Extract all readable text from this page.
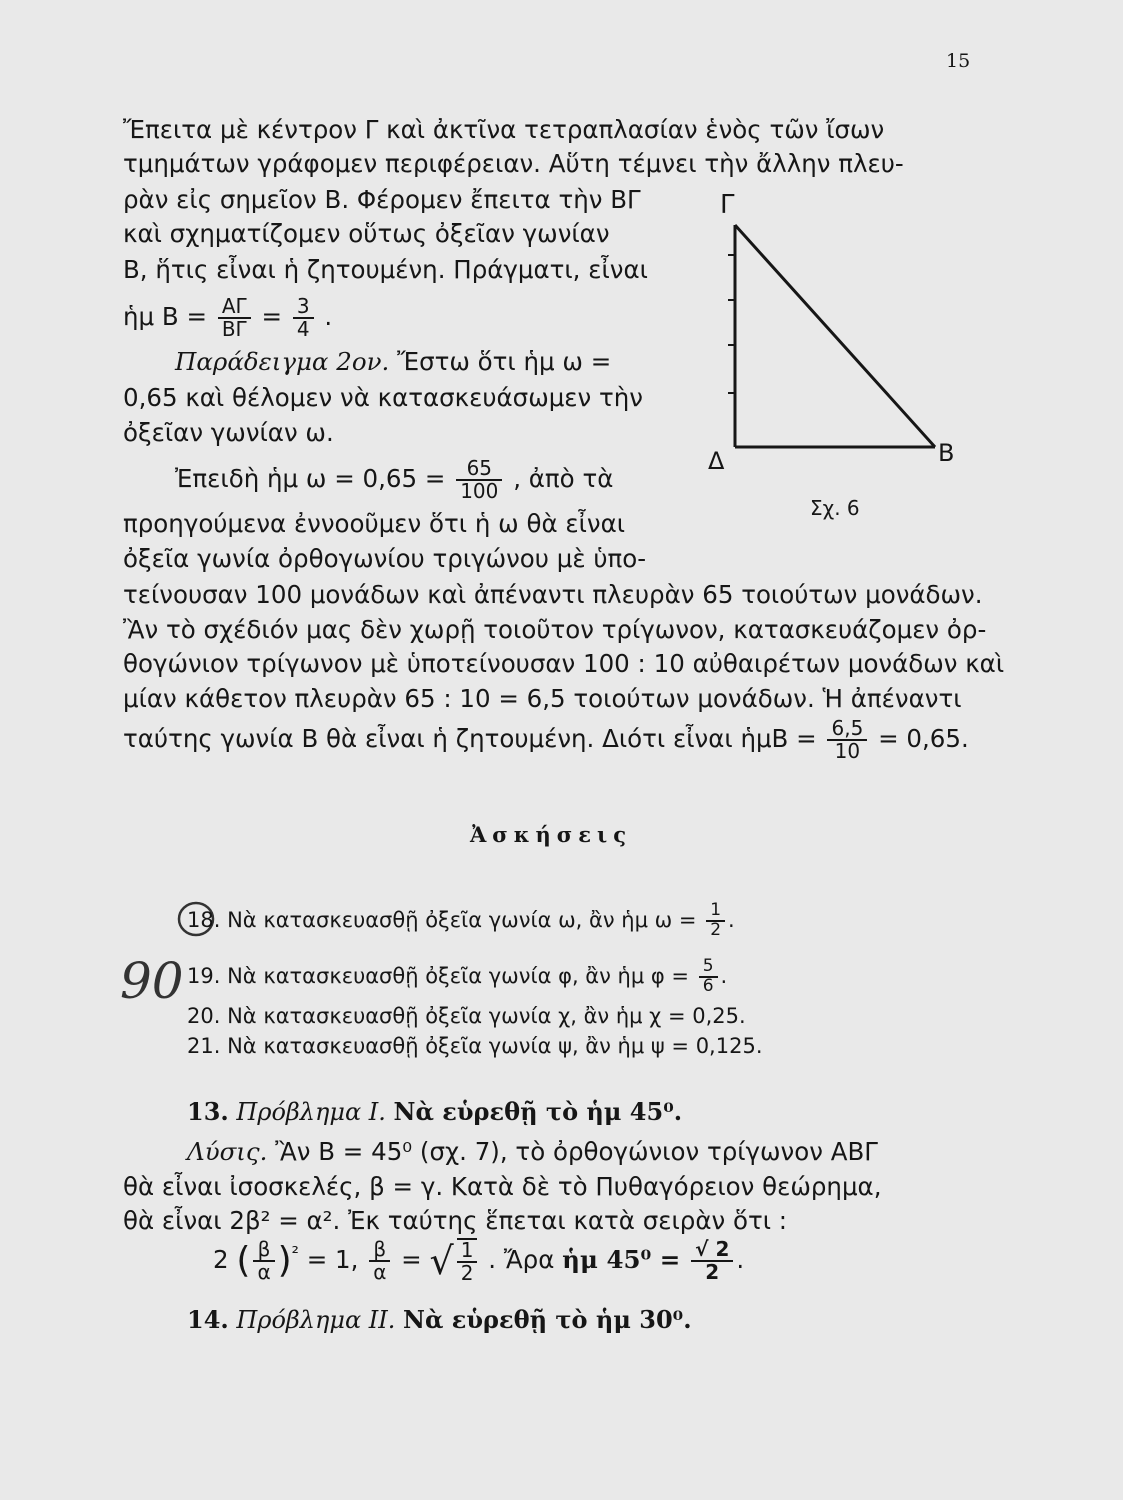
15
Ἔπειτα μὲ κέντρον Γ καὶ ἀκτῖνα τετραπλασίαν ἑνὸς τῶν ἴσων
τμημάτων γράφομεν περιφέρειαν. Αὕτη τέμνει τὴν ἄλλην πλευ-
ρὰν εἰς σημεῖον Β. Φέρομεν ἔπειτα τὴν ΒΓ
καὶ σχηματίζομεν οὕτως ὀξεῖαν γωνίαν
Β, ἥτις εἶναι ἡ ζητουμένη. Πράγματι, εἶναι
ἡμ $B = \frac{A\Gamma}{B\Gamma} = \frac{3}{4}$ .
Παράδειγμα 2ον. Ἔστω ὅτι ἡμ ω =
0,65 καὶ θέλομεν νὰ κατασκευάσωμεν τὴν
ὀξεῖαν γωνίαν ω.
Ἐπειδὴ ἡμ $\omega = 0,65 = \frac{65}{100}$ , ἀπὸ τὰ
προηγούμενα ἐννοοῦμεν ὅτι ἡ ω θὰ εἶναι
ὀξεῖα γωνία ὀρθογωνίου τριγώνου μὲ ὑπο-
τείνουσαν 100 μονάδων καὶ ἀπέναντι πλευρὰν 65 τοιούτων μονάδων.
Ἂν τὸ σχέδιόν μας δὲν χωρῇ τοιοῦτον τρίγωνον, κατασκευάζομεν ὀρ-
θογώνιον τρίγωνον μὲ ὑποτείνουσαν 100 : 10 αὐθαιρέτων μονάδων καὶ
μίαν κάθετον πλευρὰν 65 : 10 = 6,5 τοιούτων μονάδων. Ἡ ἀπέναντι
ταύτης γωνία Β θὰ εἶναι ἡ ζητουμένη. Διότι εἶναι ἡμΒ = $\frac{6,5}{10} = 0,65$.
Γ
Δ	Β
Σχ. 6
Ἀσκήσεις
90
18. Νὰ κατασκευασθῇ ὀξεῖα γωνία ω, ἂν ἡμ $\omega = \frac{1}{2}$ .
19. Νὰ κατασκευασθῇ ὀξεῖα γωνία φ, ἂν ἡμ $\varphi = \frac{5}{6}$ .
20. Νὰ κατασκευασθῇ ὀξεῖα γωνία χ, ἂν ἡμ χ = 0,25.
21. Νὰ κατασκευασθῇ ὀξεῖα γωνία ψ, ἂν ἡμ ψ = 0,125.
13. Πρόβλημα I. Νὰ εὑρεθῇ τὸ ἡμ 45⁰.
Λύσις. Ἂν Β = 45⁰ (σχ. 7), τὸ ὀρθογώνιον τρίγωνον ΑΒΓ
θὰ εἶναι ἰσοσκελές, β = γ. Κατὰ δὲ τὸ Πυθαγόρειον θεώρημα,
θὰ εἶναι 2β² = α². Ἐκ ταύτης ἕπεται κατὰ σειρὰν ὅτι :
2 ( $\frac{\beta}{\alpha} )^{^2} = 1$, $\frac{\beta}{\alpha}$ = √ $\frac{1}{2}$ . Ἄρα ἡμ $45^0 = \frac{√ 2}{2}$ .
14. Πρόβλημα II. Νὰ εὑρεθῇ τὸ ἡμ 30⁰.
